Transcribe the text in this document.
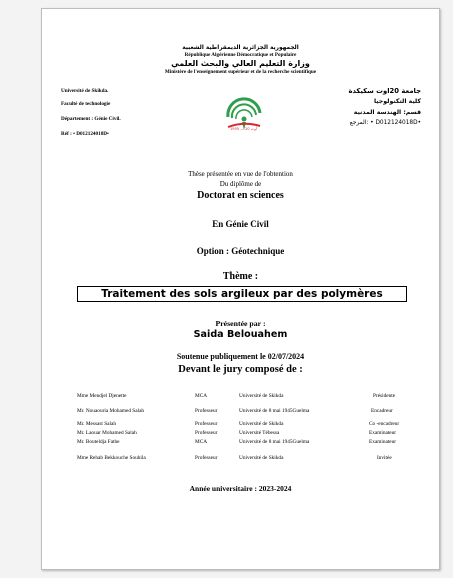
الجمهورية الجزائرية الديمقراطية الشعبية
République Algérienne Démocratique et Populaire
وزارة التعليم العالي والبحث العلمي
Ministère de l'enseignement supérieur et de la recherche scientifique
Université de Skikda.
Faculté de technologie
Département : Génie Civil.
Réf : • D012124018D•
1955 — 20 أوت
جامعة 20اوت سكيكدة
كلية التكنولوجيا
قسم: الهندسة المدنية
المرجع: • D012124018D•
Thèse présentée en vue de l'obtention
Du diplôme de
Doctorat en sciences
En Génie Civil
Option : Géotechnique
Thème :
Traitement des sols argileux par des polymères
Présentée par :
Saida Belouahem
Soutenue publiquement le 02/07/2024
Devant le jury composé de :
Mme Mendjel Djenette	MCA	Université de Skikda	Présidente
Mr. Nouaouria Mohamed Salah	Professeur	Université de 8 mai 1945Guelma	Encadreur
Mr. Messast Salah	Professeur	Université de Skikda	Co -encadreur
Mr. Laouar Mohamed Salah	Professeur	Université Tébessa	Examinateur
Mr. Bouteldja Fathe	MCA	Université de 8 mai 1945Guelma	Examinateur
Mme Rehab Bekkouche Souhila	Professeur	Université de Skikda	Invitée
Année universitaire : 2023-2024
